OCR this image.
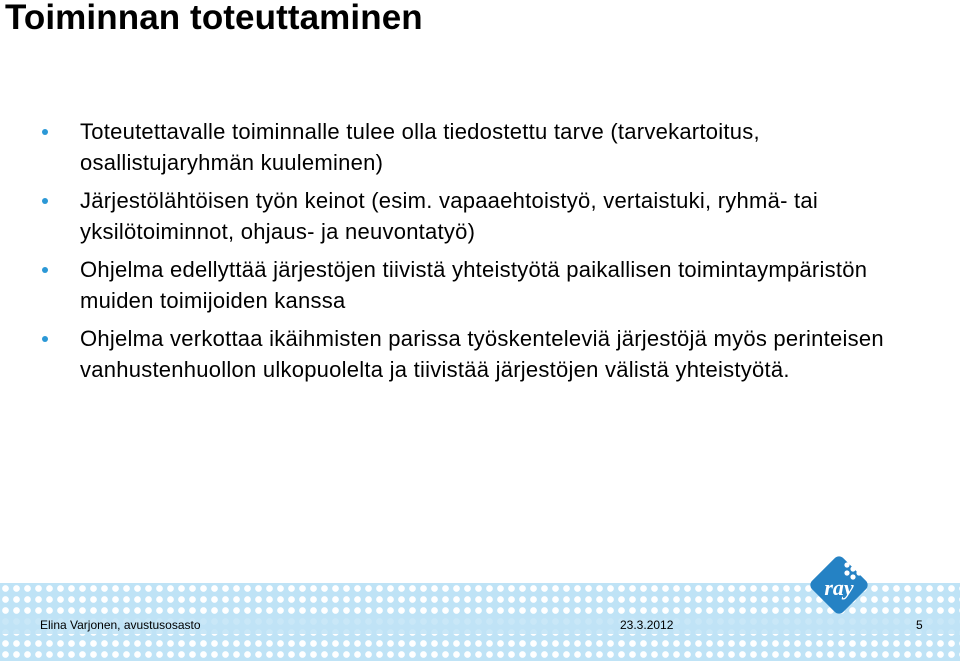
Toiminnan toteuttaminen
Toteutettavalle toiminnalle tulee olla tiedostettu tarve (tarvekartoitus, osallistujaryhmän kuuleminen)
Järjestölähtöisen työn keinot (esim. vapaaehtoistyö, vertaistuki, ryhmä- tai yksilötoiminnot, ohjaus- ja neuvontatyö)
Ohjelma edellyttää järjestöjen tiivistä yhteistyötä paikallisen toimintaympäristön muiden toimijoiden kanssa
Ohjelma verkottaa ikäihmisten parissa työskenteleviä järjestöjä myös perinteisen vanhustenhuollon ulkopuolelta ja tiivistää järjestöjen välistä yhteistyötä.
Elina Varjonen, avustusosasto	23.3.2012	5
ray
